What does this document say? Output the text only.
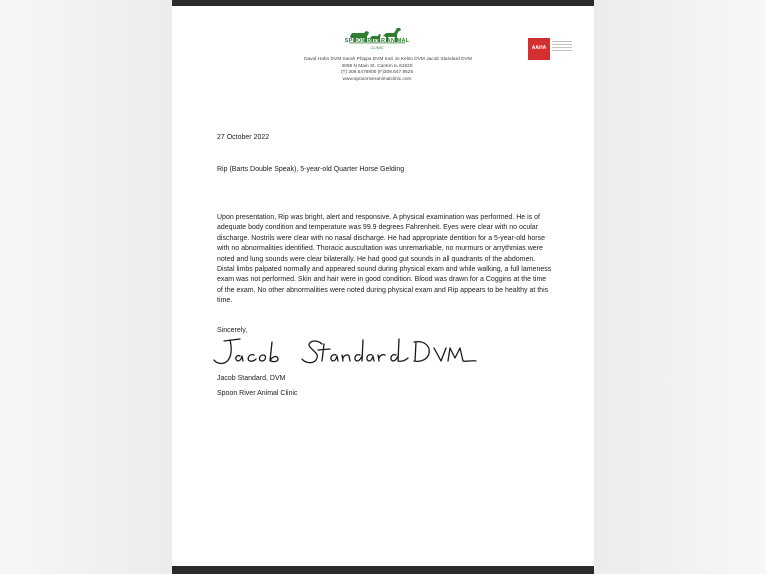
SPOON RIVER ANIMAL
CLINIC
David Hahn DVM Sarah Phipps DVM Kari Jo Kelso DVM Jacob Standard DVM
3098 N Main St. Canton IL 61520
(T) 309.6476800 (F)309.647.9525
www.spoonriveranimalclinic.com
AAHA
27 October 2022
Rip (Barts Double Speak), 5-year-old Quarter Horse Gelding
Upon presentation, Rip was bright, alert and responsive. A physical examination was performed. He is of adequate body condition and temperature was 99.9 degrees Fahrenheit. Eyes were clear with no ocular discharge. Nostrils were clear with no nasal discharge. He had appropriate dentition for a 5-year-old horse with no abnormalities identified. Thoracic auscultation was unremarkable, no murmurs or arrythmias were noted and lung sounds were clear bilaterally. He had good gut sounds in all quadrants of the abdomen. Distal limbs palpated normally and appeared sound during physical exam and while walking, a full lameness exam was not performed. Skin and hair were in good condition. Blood was drawn for a Coggins at the time of the exam. No other abnormalities were noted during physical exam and Rip appears to be healthy at this time.
Sincerely,
Jacob Standard, DVM
Spoon River Animal Clinic
